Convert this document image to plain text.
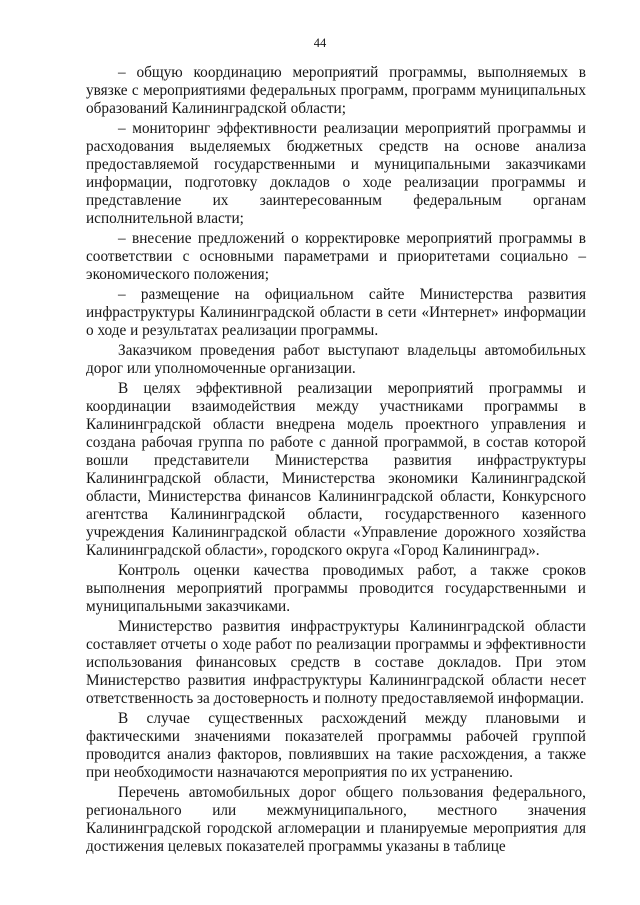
44

– общую координацию мероприятий программы, выполняемых в увязке с мероприятиями федеральных программ, программ муниципальных образований Калининградской области;

– мониторинг эффективности реализации мероприятий программы и расходования выделяемых бюджетных средств на основе анализа предоставляемой государственными и муниципальными заказчиками информации, подготовку докладов о ходе реализации программы и представление их заинтересованным федеральным органам исполнительной власти;

– внесение предложений о корректировке мероприятий программы в соответствии с основными параметрами и приоритетами социально – экономического положения;

– размещение на официальном сайте Министерства развития инфраструктуры Калининградской области в сети «Интернет» информации о ходе и результатах реализации программы.

Заказчиком проведения работ выступают владельцы автомобильных дорог или уполномоченные организации.

В целях эффективной реализации мероприятий программы и координации взаимодействия между участниками программы в Калининградской области внедрена модель проектного управления и создана рабочая группа по работе с данной программой, в состав которой вошли представители Министерства развития инфраструктуры Калининградской области, Министерства экономики Калининградской области, Министерства финансов Калининградской области, Конкурсного агентства Калининградской области, государственного казенного учреждения Калининградской области «Управление дорожного хозяйства Калининградской области», городского округа «Город Калининград».

Контроль оценки качества проводимых работ, а также сроков выполнения мероприятий программы проводится государственными и муниципальными заказчиками.

Министерство развития инфраструктуры Калининградской области составляет отчеты о ходе работ по реализации программы и эффективности использования финансовых средств в составе докладов. При этом Министерство развития инфраструктуры Калининградской области несет ответственность за достоверность и полноту предоставляемой информации.

В случае существенных расхождений между плановыми и фактическими значениями показателей программы рабочей группой проводится анализ факторов, повлиявших на такие расхождения, а также при необходимости назначаются мероприятия по их устранению.

Перечень автомобильных дорог общего пользования федерального, регионального или межмуниципального, местного значения Калининградской городской агломерации и планируемые мероприятия для достижения целевых показателей программы указаны в таблице
